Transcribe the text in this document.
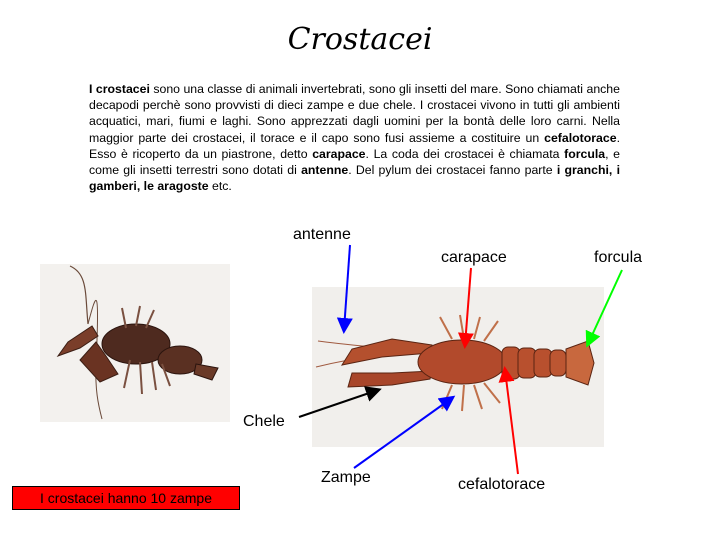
Crostacei
I crostacei sono una classe di animali invertebrati, sono gli insetti del mare. Sono chiamati anche decapodi perchè sono provvisti di dieci zampe e due chele. I crostacei vivono in tutti gli ambienti acquatici, mari, fiumi e laghi. Sono apprezzati dagli uomini per la bontà delle loro carni. Nella maggior parte dei crostacei, il torace e il capo sono fusi assieme a costituire un cefalotorace. Esso è ricoperto da un piastrone, detto carapace. La coda dei crostacei è chiamata forcula, e come gli insetti terrestri sono dotati di antenne. Del pylum dei crostacei fanno parte i granchi, i gamberi, le aragoste etc.
antenne
carapace	forcula
Chele
Zampe	cefalotorace
I crostacei hanno 10 zampe
